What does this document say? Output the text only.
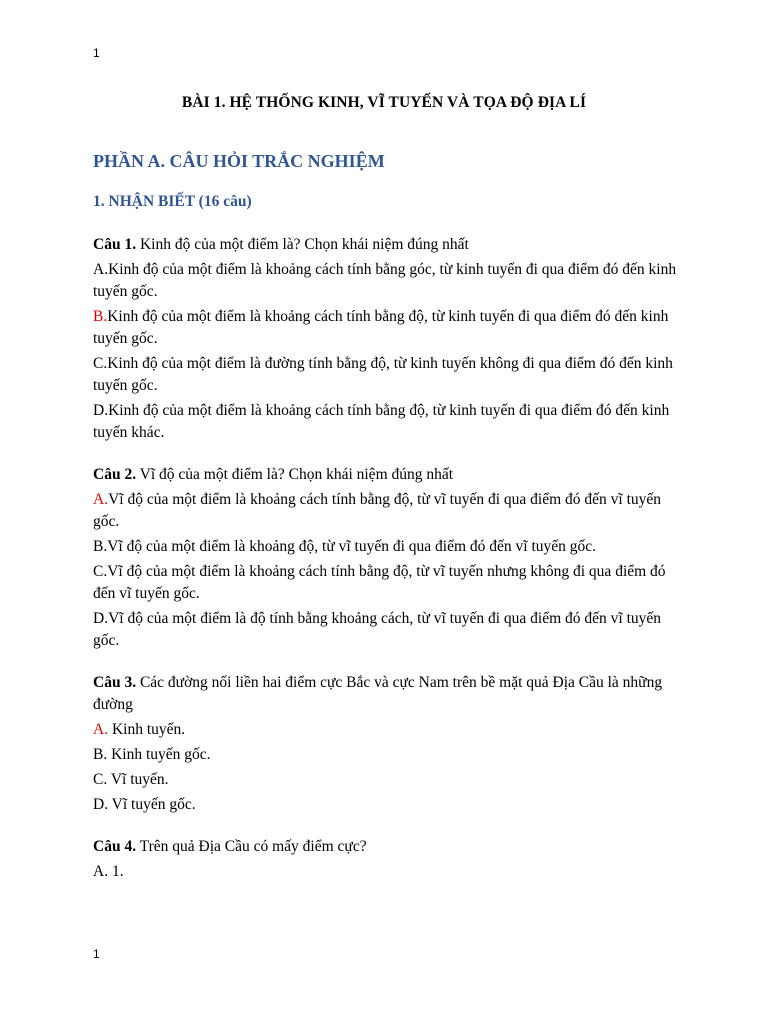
1
BÀI 1. HỆ THỐNG KINH, VĨ TUYẾN VÀ TỌA ĐỘ ĐỊA LÍ
PHẦN A. CÂU HỎI TRẮC NGHIỆM
1. NHẬN BIẾT (16 câu)

Câu 1. Kinh độ của một điểm là? Chọn khái niệm đúng nhất

A.Kinh độ của một điểm là khoảng cách tính bằng góc, từ kinh tuyến đi qua điểm đó đến kinh tuyến gốc.

B.Kinh độ của một điểm là khoảng cách tính bằng độ, từ kinh tuyến đi qua điểm đó đến kinh tuyến gốc.

C.Kinh độ của một điểm là đường tính bằng độ, từ kinh tuyến không đi qua điểm đó đến kinh tuyến gốc.

D.Kinh độ của một điểm là khoảng cách tính bằng độ, từ kinh tuyến đi qua điểm đó đến kinh tuyến khác.

Câu 2. Vĩ độ của một điểm là? Chọn khái niệm đúng nhất

A.Vĩ độ của một điểm là khoảng cách tính bằng độ, từ vĩ tuyến đi qua điểm đó đến vĩ tuyến gốc.

B.Vĩ độ của một điểm là khoảng độ, từ vĩ tuyến đi qua điểm đó đến vĩ tuyến gốc.

C.Vĩ độ của một điểm là khoảng cách tính bằng độ, từ vĩ tuyến nhưng không đi qua điểm đó đến vĩ tuyến gốc.

D.Vĩ độ của một điểm là độ tính bằng khoảng cách, từ vĩ tuyến đi qua điểm đó đến vĩ tuyến gốc.

Câu 3. Các đường nối liền hai điểm cực Bắc và cực Nam trên bề mặt quả Địa Cầu là những đường

A. Kinh tuyến.

B. Kinh tuyến gốc.

C. Vĩ tuyến.

D. Vĩ tuyến gốc.

Câu 4. Trên quả Địa Cầu có mấy điểm cực?

A. 1.

1
